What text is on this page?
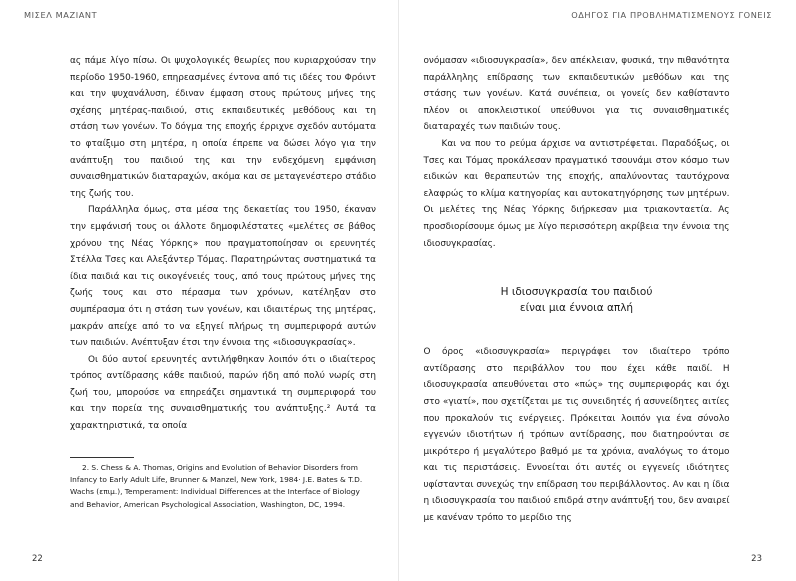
ΜΙΣΕΛ ΜΑΖΙΑΝΤ

ας πάμε λίγο πίσω. Οι ψυχολογικές θεωρίες που κυριαρχούσαν την περίοδο 1950-1960, επηρεασμένες έντονα από τις ιδέες του Φρόιντ και την ψυχανάλυση, έδιναν έμφαση στους πρώτους μήνες της σχέσης μητέρας-παιδιού, στις εκπαιδευτικές μεθόδους και τη στάση των γονέων. Το δόγμα της εποχής έρριχνε σχεδόν αυτόματα το φταίξιμο στη μητέρα, η οποία έπρεπε να δώσει λόγο για την ανάπτυξη του παιδιού της και την ενδεχόμενη εμφάνιση συναισθηματικών διαταραχών, ακόμα και σε μεταγενέστερο στάδιο της ζωής του.

Παράλληλα όμως, στα μέσα της δεκαετίας του 1950, έκαναν την εμφάνισή τους οι άλλοτε δημοφιλέστατες «μελέτες σε βάθος χρόνου της Νέας Υόρκης» που πραγματοποίησαν οι ερευνητές Στέλλα Τσες και Αλεξάντερ Τόμας. Παρατηρώντας συστηματικά τα ίδια παιδιά και τις οικογένειές τους, από τους πρώτους μήνες της ζωής τους και στο πέρασμα των χρόνων, κατέληξαν στο συμπέρασμα ότι η στάση των γονέων, και ιδιαιτέρως της μητέρας, μακράν απείχε από το να εξηγεί πλήρως τη συμπεριφορά αυτών των παιδιών. Ανέπτυξαν έτσι την έννοια της «ιδιοσυγκρασίας».

Οι δύο αυτοί ερευνητές αντιλήφθηκαν λοιπόν ότι ο ιδιαίτερος τρόπος αντίδρασης κάθε παιδιού, παρών ήδη από πολύ νωρίς στη ζωή του, μπορούσε να επηρεάζει σημαντικά τη συμπεριφορά του και την πορεία της συναισθηματικής του ανάπτυξης.² Αυτά τα χαρακτηριστικά, τα οποία

2. S. Chess & A. Thomas, Origins and Evolution of Behavior Disorders from Infancy to Early Adult Life, Brunner & Manzel, New York, 1984· J.E. Bates & T.D. Wachs (επιμ.), Temperament: Individual Differences at the Interface of Biology and Behavior, American Psychological Association, Washington, DC, 1994.

22
ΟΔΗΓΟΣ ΓΙΑ ΠΡΟΒΛΗΜΑΤΙΣΜΕΝΟΥΣ ΓΟΝΕΙΣ

ονόμασαν «ιδιοσυγκρασία», δεν απέκλειαν, φυσικά, την πιθανότητα παράλληλης επίδρασης των εκπαιδευτικών μεθόδων και της στάσης των γονέων. Κατά συνέπεια, οι γονείς δεν καθίσταντο πλέον οι αποκλειστικοί υπεύθυνοι για τις συναισθηματικές διαταραχές των παιδιών τους.

Και να που το ρεύμα άρχισε να αντιστρέφεται. Παραδόξως, οι Τσες και Τόμας προκάλεσαν πραγματικό τσουνάμι στον κόσμο των ειδικών και θεραπευτών της εποχής, απαλύνοντας ταυτόχρονα ελαφρώς το κλίμα κατηγορίας και αυτοκατηγόρησης των μητέρων. Οι μελέτες της Νέας Υόρκης διήρκεσαν μια τριακονταετία. Ας προσδιορίσουμε όμως με λίγο περισσότερη ακρίβεια την έννοια της ιδιοσυγκρασίας.

Η ιδιοσυγκρασία του παιδιού
είναι μια έννοια απλή

Ο όρος «ιδιοσυγκρασία» περιγράφει τον ιδιαίτερο τρόπο αντίδρασης στο περιβάλλον του που έχει κάθε παιδί. Η ιδιοσυγκρασία απευθύνεται στο «πώς» της συμπεριφοράς και όχι στο «γιατί», που σχετίζεται με τις συνειδητές ή ασυνείδητες αιτίες που προκαλούν τις ενέργειες. Πρόκειται λοιπόν για ένα σύνολο εγγενών ιδιοτήτων ή τρόπων αντίδρασης, που διατηρούνται σε μικρότερο ή μεγαλύτερο βαθμό με τα χρόνια, αναλόγως το άτομο και τις περιστάσεις. Εννοείται ότι αυτές οι εγγενείς ιδιότητες υφίστανται συνεχώς την επίδραση του περιβάλλοντος. Αν και η ίδια η ιδιοσυγκρασία του παιδιού επιδρά στην ανάπτυξή του, δεν αναιρεί με κανέναν τρόπο το μερίδιο της

23
